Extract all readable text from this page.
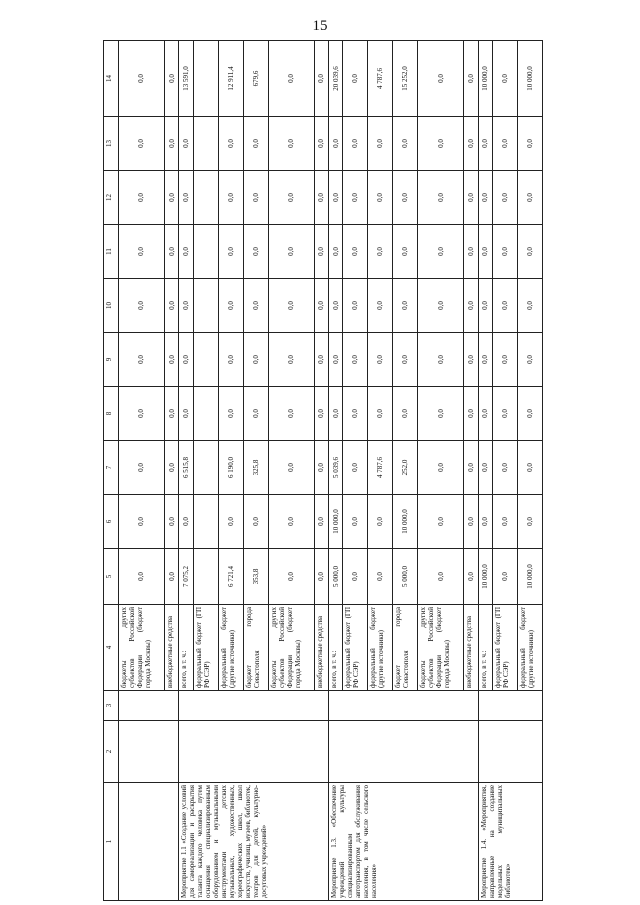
15
1	2	3	4	5	6	7	8	9	10	11	12	13	14
			бюджеты других субъектов Российской Федерации (бюджет города Москвы)	0,0	0,0	0,0	0,0	0,0	0,0	0,0	0,0	0,0	0,0
			внебюджетные средства	0,0	0,0	0,0	0,0	0,0	0,0	0,0	0,0	0,0	0,0
Мероприятие 1.1 «Создание условий для самореализации и раскрытия таланта каждого человека путем оснащения специализированным оборудованием и музыкальными инструментами детских музыкальных, художественных, хореографических школ, школ искусств, училищ, музеев, библиотек, театров для детей, культурно-досуговых учреждений»			всего, в т. ч.:	7 075,2	0,0	6 515,8	0,0	0,0	0,0	0,0	0,0	0,0	13 591,0
			федеральный бюджет (ГП РФ СЭР)										
			федеральный бюджет (другие источники)	6 721,4	0,0	6 190,0	0,0	0,0	0,0	0,0	0,0	0,0	12 911,4
			бюджет города Севастополя	353,8	0,0	325,8	0,0	0,0	0,0	0,0	0,0	0,0	679,6
			бюджеты других субъектов Российской Федерации (бюджет города Москвы)	0,0	0,0	0,0	0,0	0,0	0,0	0,0	0,0	0,0	0,0
			внебюджетные средства	0,0	0,0	0,0	0,0	0,0	0,0	0,0	0,0	0,0	0,0
Мероприятие 1.3. «Обеспечение учреждений культуры специализированным автотранспортом для обслуживания населения, в том числе сельского населения»			всего, в т. ч.:	5 000,0	10 000,0	5 039,6	0,0	0,0	0,0	0,0	0,0	0,0	20 039,6
			федеральный бюджет (ГП РФ СЭР)	0,0	0,0	0,0	0,0	0,0	0,0	0,0	0,0	0,0	0,0
			федеральный бюджет (другие источники)	0,0	0,0	4 787,6	0,0	0,0	0,0	0,0	0,0	0,0	4 787,6
			бюджет города Севастополя	5 000,0	10 000,0	252,0	0,0	0,0	0,0	0,0	0,0	0,0	15 252,0
			бюджеты других субъектов Российской Федерации (бюджет города Москвы)	0,0	0,0	0,0	0,0	0,0	0,0	0,0	0,0	0,0	0,0
			внебюджетные средства	0,0	0,0	0,0	0,0	0,0	0,0	0,0	0,0	0,0	0,0
Мероприятие 1.4. «Мероприятия, направленные на создание модельных муниципальных библиотек»			всего, в т. ч.:	10 000,0	0,0	0,0	0,0	0,0	0,0	0,0	0,0	0,0	10 000,0
			федеральный бюджет (ГП РФ СЭР)	0,0	0,0	0,0	0,0	0,0	0,0	0,0	0,0	0,0	0,0
			федеральный бюджет (другие источники)	10 000,0	0,0	0,0	0,0	0,0	0,0	0,0	0,0	0,0	10 000,0
